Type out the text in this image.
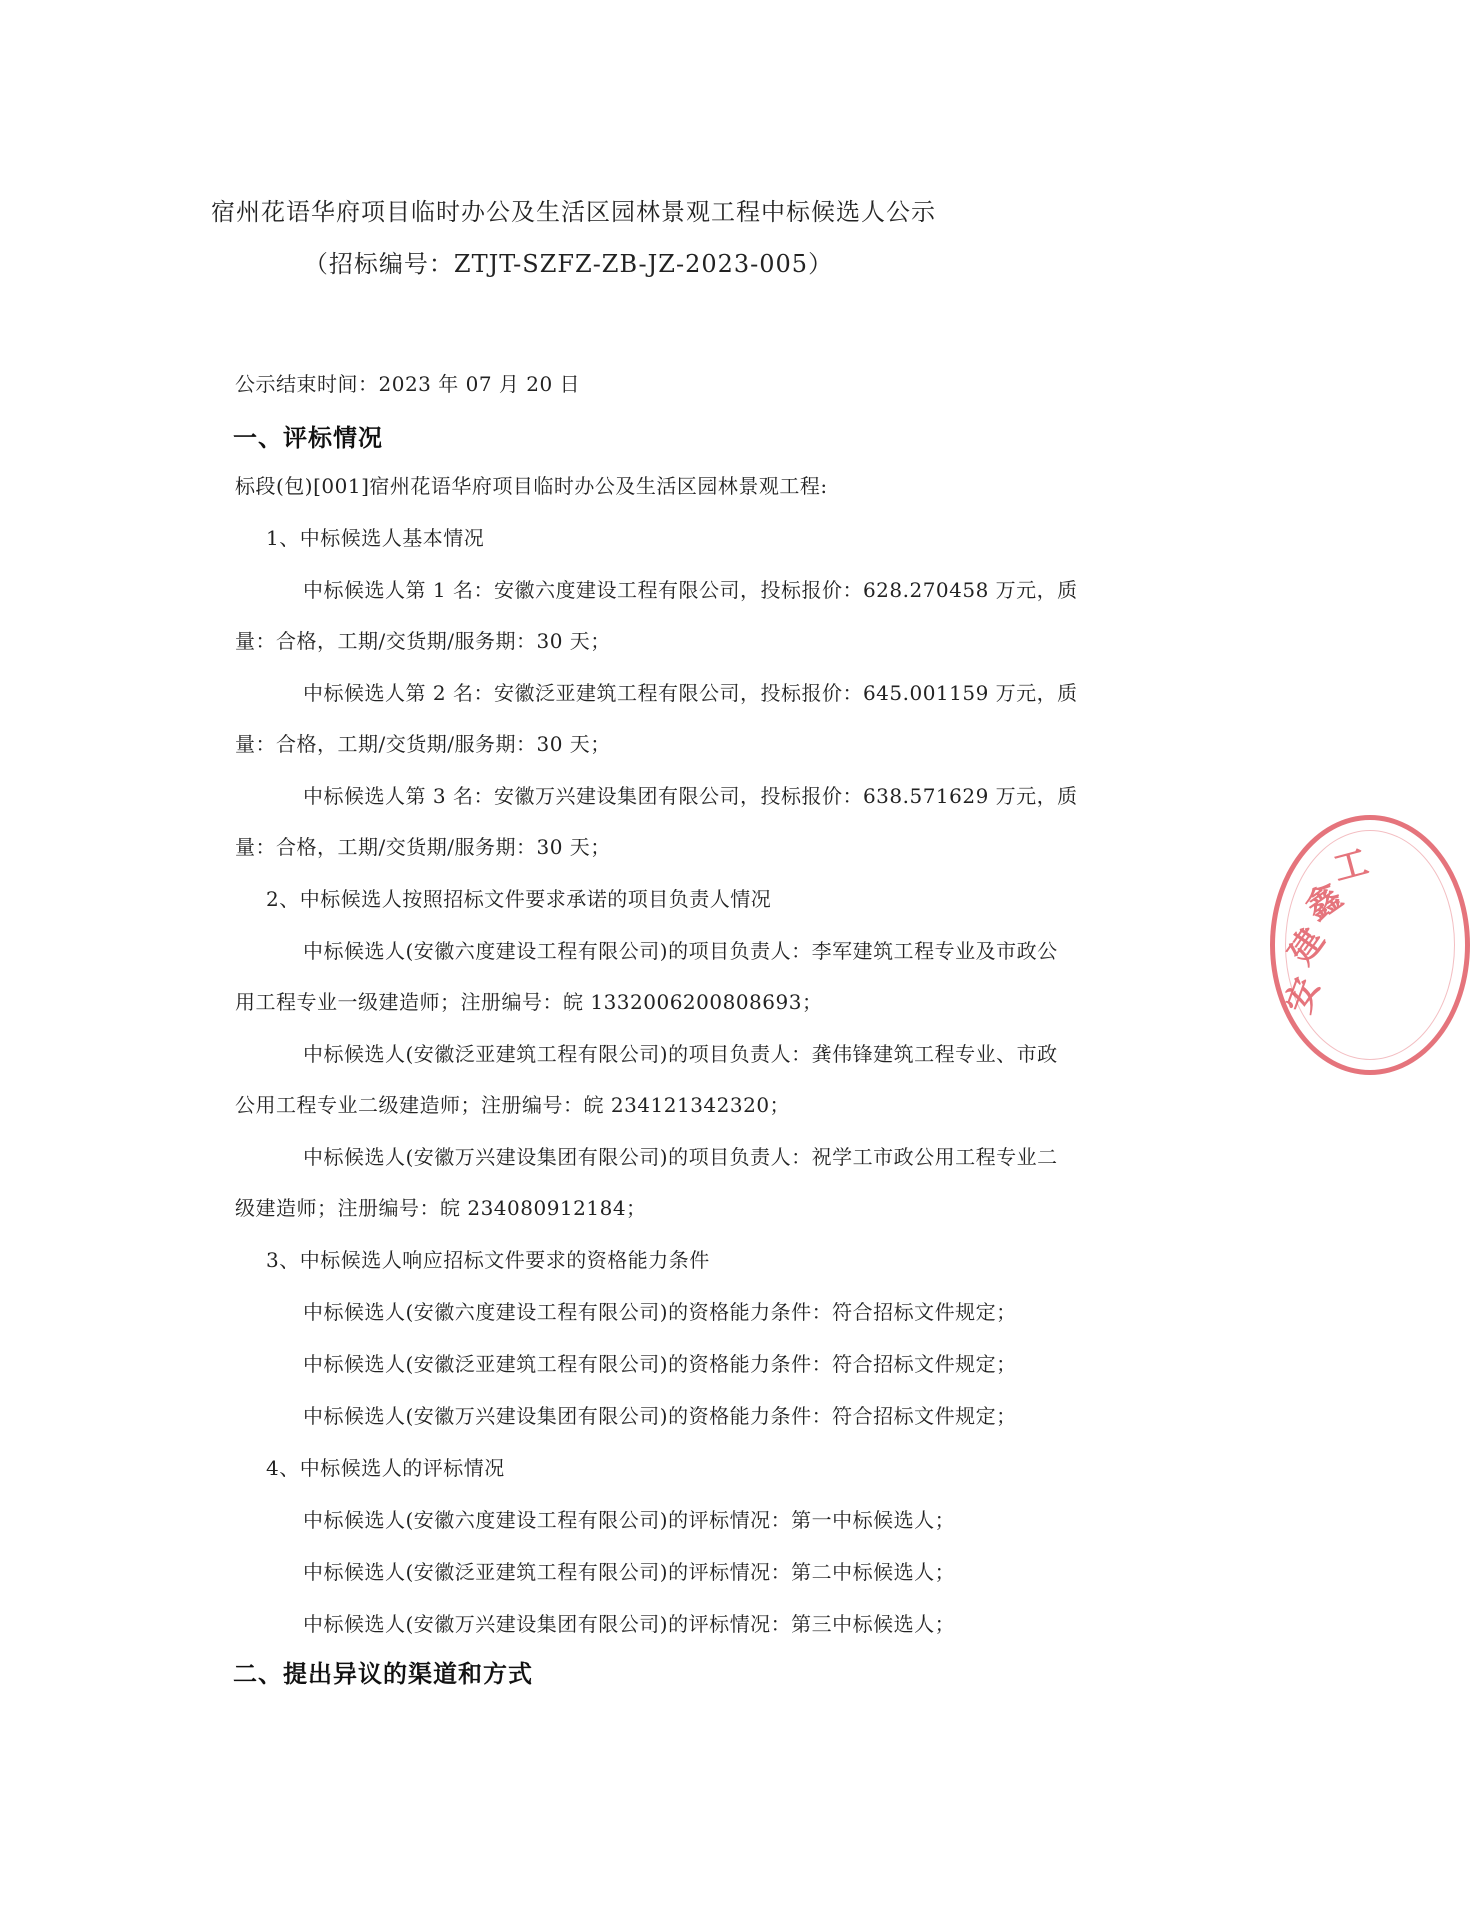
宿州花语华府项目临时办公及生活区园林景观工程中标候选人公示
（招标编号：ZTJT-SZFZ-ZB-JZ-2023-005）
公示结束时间：2023 年 07 月 20 日
一、评标情况
标段(包)[001]宿州花语华府项目临时办公及生活区园林景观工程:
1、中标候选人基本情况
中标候选人第 1 名：安徽六度建设工程有限公司，投标报价：628.270458 万元，质
量：合格，工期/交货期/服务期：30 天；
中标候选人第 2 名：安徽泛亚建筑工程有限公司，投标报价：645.001159 万元，质
量：合格，工期/交货期/服务期：30 天；
中标候选人第 3 名：安徽万兴建设集团有限公司，投标报价：638.571629 万元，质
量：合格，工期/交货期/服务期：30 天；
2、中标候选人按照招标文件要求承诺的项目负责人情况
中标候选人(安徽六度建设工程有限公司)的项目负责人：李军建筑工程专业及市政公
用工程专业一级建造师；注册编号：皖 1332006200808693；
中标候选人(安徽泛亚建筑工程有限公司)的项目负责人：龚伟锋建筑工程专业、市政
公用工程专业二级建造师；注册编号：皖 234121342320；
中标候选人(安徽万兴建设集团有限公司)的项目负责人：祝学工市政公用工程专业二
级建造师；注册编号：皖 234080912184；
3、中标候选人响应招标文件要求的资格能力条件
中标候选人(安徽六度建设工程有限公司)的资格能力条件：符合招标文件规定；
中标候选人(安徽泛亚建筑工程有限公司)的资格能力条件：符合招标文件规定；
中标候选人(安徽万兴建设集团有限公司)的资格能力条件：符合招标文件规定；
4、中标候选人的评标情况
中标候选人(安徽六度建设工程有限公司)的评标情况：第一中标候选人；
中标候选人(安徽泛亚建筑工程有限公司)的评标情况：第二中标候选人；
中标候选人(安徽万兴建设集团有限公司)的评标情况：第三中标候选人；
二、提出异议的渠道和方式
安
建
鑫
工
